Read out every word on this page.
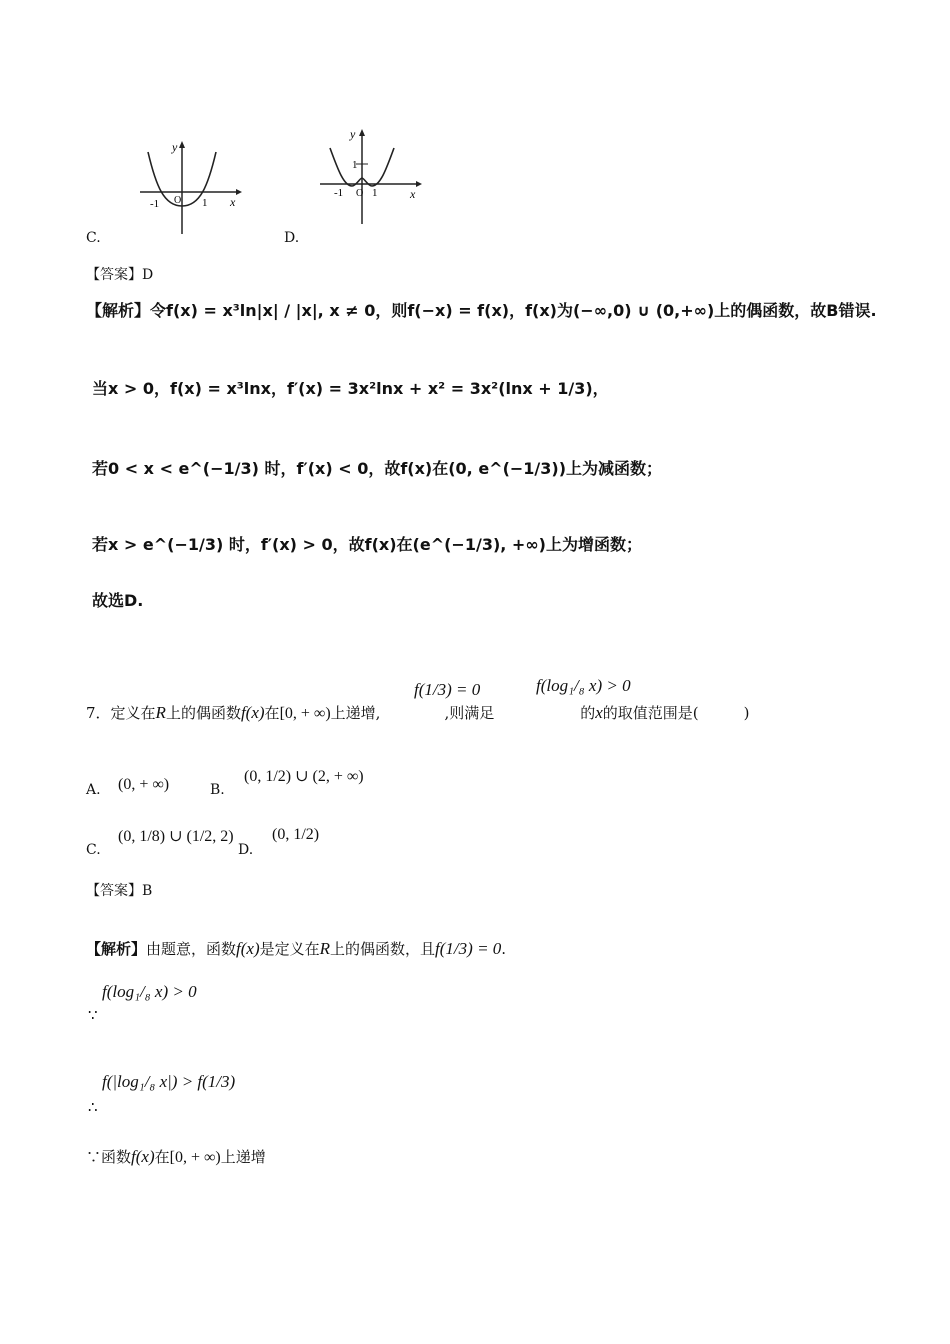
y
x
-1 O 1
C.
y
x
-1 O 1
1
D.
【答案】D
【解析】令f(x) = x³ln|x| / |x|, x ≠ 0，则f(−x) = f(x)，f(x)为(−∞,0) ∪ (0,+∞)上的偶函数，故B错误.
当x > 0，f(x) = x³lnx，f′(x) = 3x²lnx + x² = 3x²(lnx + 1/3)，
若0 < x < e^(−1/3) 时，f′(x) < 0，故f(x)在(0, e^(−1/3))上为减函数；
若x > e^(−1/3) 时，f′(x) > 0，故f(x)在(e^(−1/3), +∞)上为增函数；
故选D.
f(1/3) = 0	f(log₁/₈ x) > 0
7．定义在R上的偶函数f(x)在[0, + ∞)上递增,	,则满足	的x的取值范围是(　　　)
A. (0, + ∞)	B.
(0, 1/2) ∪ (2, + ∞)
C.
(0, 1/8) ∪ (1/2, 2)
D.
(0, 1/2)
【答案】B
【解析】由题意，函数f(x)是定义在R上的偶函数，且f(1/3) = 0.
f(log₁/₈ x) > 0
∵
f(|log₁/₈ x|) > f(1/3)
∴
∵函数f(x)在[0, + ∞)上递增
